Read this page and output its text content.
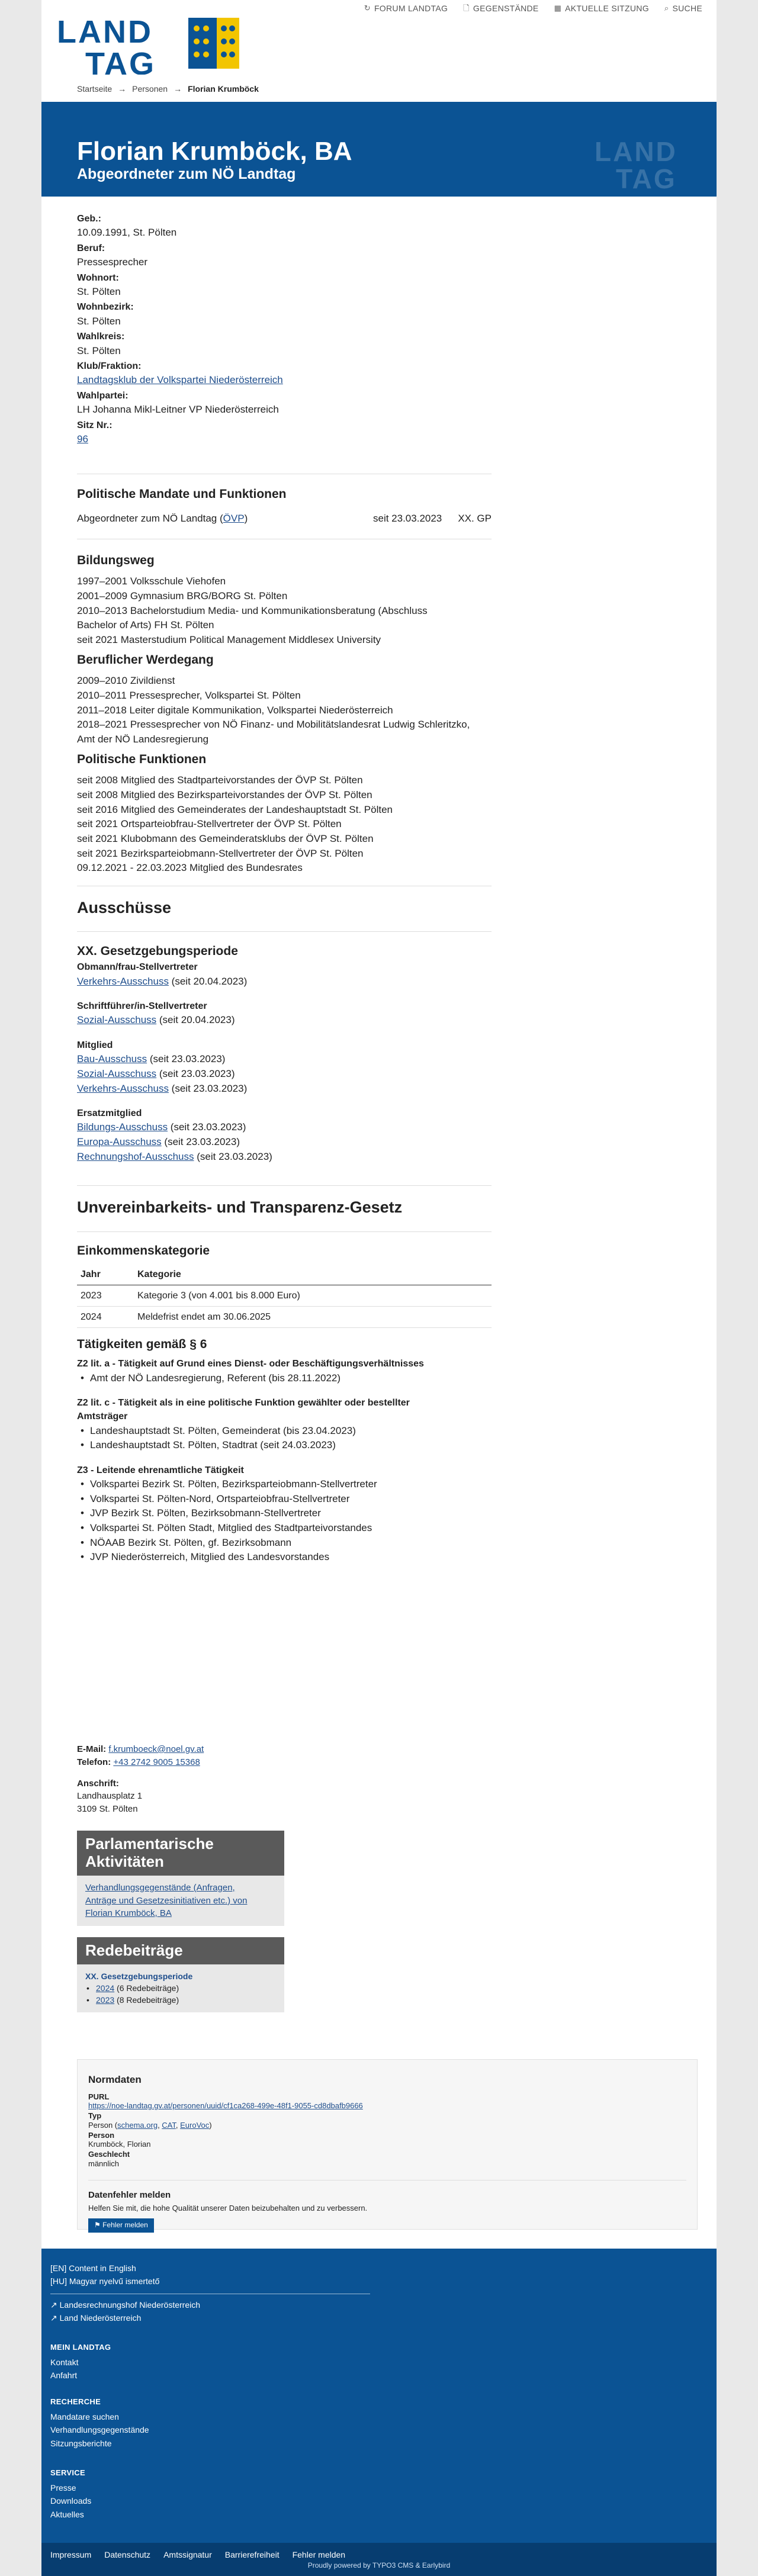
↻ FORUM LANDTAG 🗋 GEGENSTÄNDE ▦ AKTUELLE SITZUNG ⌕ SUCHE
LAND
TAG
Startseite → Personen → Florian Krumböck
Florian Krumböck, BA
Abgeordneter zum NÖ Landtag
LAND
TAG
Geb.:
10.09.1991, St. Pölten
Beruf:
Pressesprecher
Wohnort:
St. Pölten
Wohnbezirk:
St. Pölten
Wahlkreis:
St. Pölten
Klub/Fraktion:
Landtagsklub der Volkspartei Niederösterreich
Wahlpartei:
LH Johanna Mikl-Leitner VP Niederösterreich
Sitz Nr.:
96
Politische Mandate und Funktionen
Abgeordneter zum NÖ Landtag (ÖVP)	seit 23.03.2023	XX. GP
Bildungsweg
1997–2001 Volksschule Viehofen
2001–2009 Gymnasium BRG/BORG St. Pölten
2010–2013 Bachelorstudium Media- und Kommunikationsberatung (Abschluss
Bachelor of Arts) FH St. Pölten
seit 2021 Masterstudium Political Management Middlesex University
Beruflicher Werdegang
2009–2010 Zivildienst
2010–2011 Pressesprecher, Volkspartei St. Pölten
2011–2018 Leiter digitale Kommunikation, Volkspartei Niederösterreich
2018–2021 Pressesprecher von NÖ Finanz- und Mobilitätslandesrat Ludwig Schleritzko,
Amt der NÖ Landesregierung
Politische Funktionen
seit 2008 Mitglied des Stadtparteivorstandes der ÖVP St. Pölten
seit 2008 Mitglied des Bezirksparteivorstandes der ÖVP St. Pölten
seit 2016 Mitglied des Gemeinderates der Landeshauptstadt St. Pölten
seit 2021 Ortsparteiobfrau-Stellvertreter der ÖVP St. Pölten
seit 2021 Klubobmann des Gemeinderatsklubs der ÖVP St. Pölten
seit 2021 Bezirksparteiobmann-Stellvertreter der ÖVP St. Pölten
09.12.2021 - 22.03.2023 Mitglied des Bundesrates
Ausschüsse
XX. Gesetzgebungsperiode
Obmann/frau-Stellvertreter
Verkehrs-Ausschuss (seit 20.04.2023)
Schriftführer/in-Stellvertreter
Sozial-Ausschuss (seit 20.04.2023)
Mitglied
Bau-Ausschuss (seit 23.03.2023)
Sozial-Ausschuss (seit 23.03.2023)
Verkehrs-Ausschuss (seit 23.03.2023)
Ersatzmitglied
Bildungs-Ausschuss (seit 23.03.2023)
Europa-Ausschuss (seit 23.03.2023)
Rechnungshof-Ausschuss (seit 23.03.2023)
Unvereinbarkeits- und Transparenz-Gesetz
Einkommenskategorie
Jahr	Kategorie
2023	Kategorie 3 (von 4.001 bis 8.000 Euro)
2024	Meldefrist endet am 30.06.2025
Tätigkeiten gemäß § 6
Z2 lit. a - Tätigkeit auf Grund eines Dienst- oder Beschäftigungsverhältnisses
• Amt der NÖ Landesregierung, Referent (bis 28.11.2022)
Z2 lit. c - Tätigkeit als in eine politische Funktion gewählter oder bestellter
Amtsträger
• Landeshauptstadt St. Pölten, Gemeinderat (bis 23.04.2023)
• Landeshauptstadt St. Pölten, Stadtrat (seit 24.03.2023)
Z3 - Leitende ehrenamtliche Tätigkeit
• Volkspartei Bezirk St. Pölten, Bezirksparteiobmann-Stellvertreter
• Volkspartei St. Pölten-Nord, Ortsparteiobfrau-Stellvertreter
• JVP Bezirk St. Pölten, Bezirksobmann-Stellvertreter
• Volkspartei St. Pölten Stadt, Mitglied des Stadtparteivorstandes
• NÖAAB Bezirk St. Pölten, gf. Bezirksobmann
• JVP Niederösterreich, Mitglied des Landesvorstandes
E-Mail: f.krumboeck@noel.gv.at
Telefon: +43 2742 9005 15368
Anschrift:
Landhausplatz 1
3109 St. Pölten
Parlamentarische
Aktivitäten
Verhandlungsgegenstände (Anfragen,
Anträge und Gesetzesinitiativen etc.) von
Florian Krumböck, BA
Redebeiträge
XX. Gesetzgebungsperiode
• 2024 (6 Redebeiträge)
• 2023 (8 Redebeiträge)
Normdaten
PURL
https://noe-landtag.gv.at/personen/uuid/cf1ca268-499e-48f1-9055-cd8dbafb9666
Typ
Person (schema.org, CAT, EuroVoc)
Person
Krumböck, Florian
Geschlecht
männlich
Datenfehler melden
Helfen Sie mit, die hohe Qualität unserer Daten beizubehalten und zu verbessern.
⚑ Fehler melden
[EN] Content in English
[HU] Magyar nyelvű ismertető
↗ Landesrechnungshof Niederösterreich
↗ Land Niederösterreich
MEIN LANDTAG
Kontakt
Anfahrt
RECHERCHE
Mandatare suchen
Verhandlungsgegenstände
Sitzungsberichte
SERVICE
Presse
Downloads
Aktuelles
Impressum Datenschutz Amtssignatur Barrierefreiheit Fehler melden
Proudly powered by TYPO3 CMS & Earlybird
